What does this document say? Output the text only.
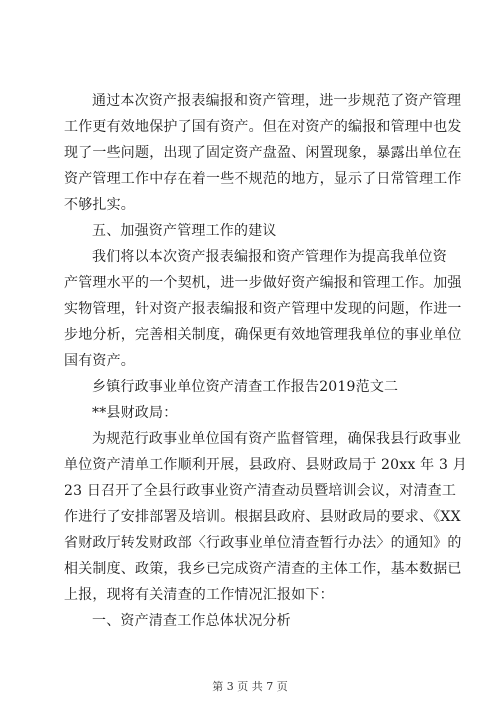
通过本次资产报表编报和资产管理，进一步规范了资产管理
工作更有效地保护了国有资产。但在对资产的编报和管理中也发
现了一些问题，出现了固定资产盘盈、闲置现象，暴露出单位在
资产管理工作中存在着一些不规范的地方，显示了日常管理工作
不够扎实。
五、加强资产管理工作的建议
我们将以本次资产报表编报和资产管理作为提高我单位资
产管理水平的一个契机，进一步做好资产编报和管理工作。加强
实物管理，针对资产报表编报和资产管理中发现的问题，作进一
步地分析，完善相关制度，确保更有效地管理我单位的事业单位
国有资产。
乡镇行政事业单位资产清查工作报告2019范文二
**县财政局：
为规范行政事业单位国有资产监督管理，确保我县行政事业
单位资产清单工作顺利开展，县政府、县财政局于 20xx 年 3 月
23 日召开了全县行政事业资产清查动员暨培训会议，对清查工
作进行了安排部署及培训。根据县政府、县财政局的要求、《XX
省财政厅转发财政部〈行政事业单位清查暂行办法〉的通知》的
相关制度、政策，我乡已完成资产清查的主体工作，基本数据已
上报，现将有关清查的工作情况汇报如下：
一、资产清查工作总体状况分析
第 3 页 共 7 页
